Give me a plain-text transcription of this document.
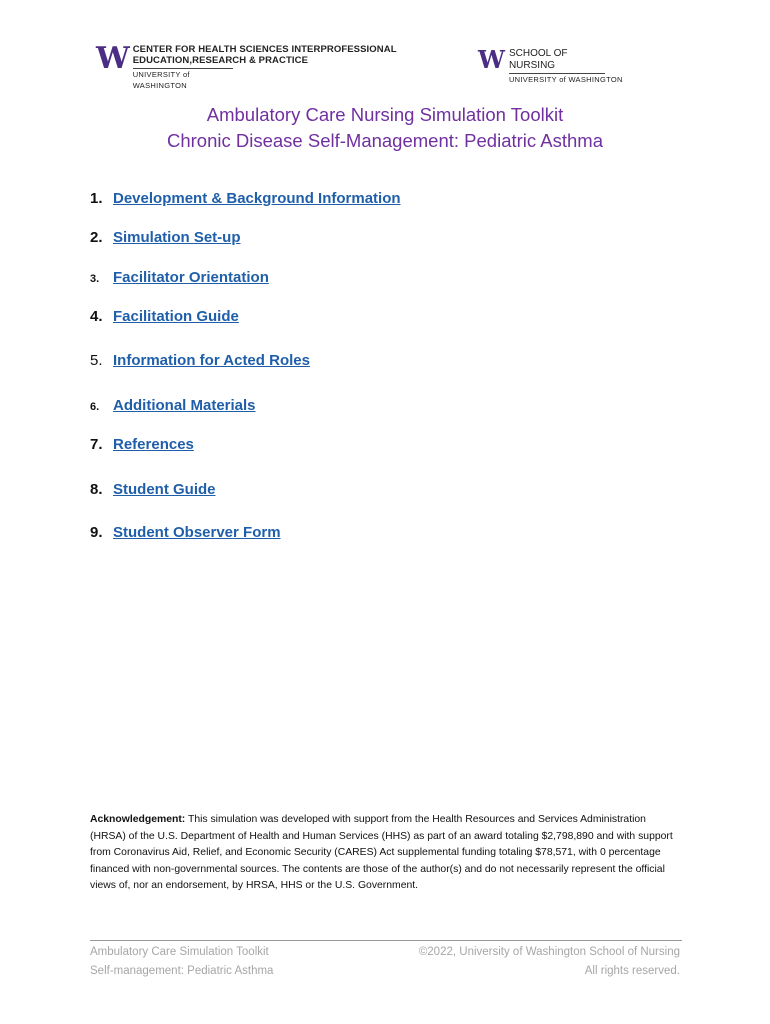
W CENTER FOR HEALTH SCIENCES INTERPROFESSIONAL
EDUCATION,RESEARCH & PRACTICE
UNIVERSITY of WASHINGTON
W SCHOOL OF NURSING
UNIVERSITY of WASHINGTON
Ambulatory Care Nursing Simulation Toolkit
Chronic Disease Self-Management: Pediatric Asthma
1. Development & Background Information
2. Simulation Set-up
3. Facilitator Orientation
4. Facilitation Guide
5. Information for Acted Roles
6. Additional Materials
7. References
8. Student Guide
9. Student Observer Form
Acknowledgement: This simulation was developed with support from the Health Resources and Services Administration (HRSA) of the U.S. Department of Health and Human Services (HHS) as part of an award totaling $2,798,890 and with support from Coronavirus Aid, Relief, and Economic Security (CARES) Act supplemental funding totaling $78,571, with 0 percentage financed with non-governmental sources. The contents are those of the author(s) and do not necessarily represent the official views of, nor an endorsement, by HRSA, HHS or the U.S. Government.
Ambulatory Care Simulation Toolkit
Self-management: Pediatric Asthma
©2022, University of Washington School of Nursing
All rights reserved.
